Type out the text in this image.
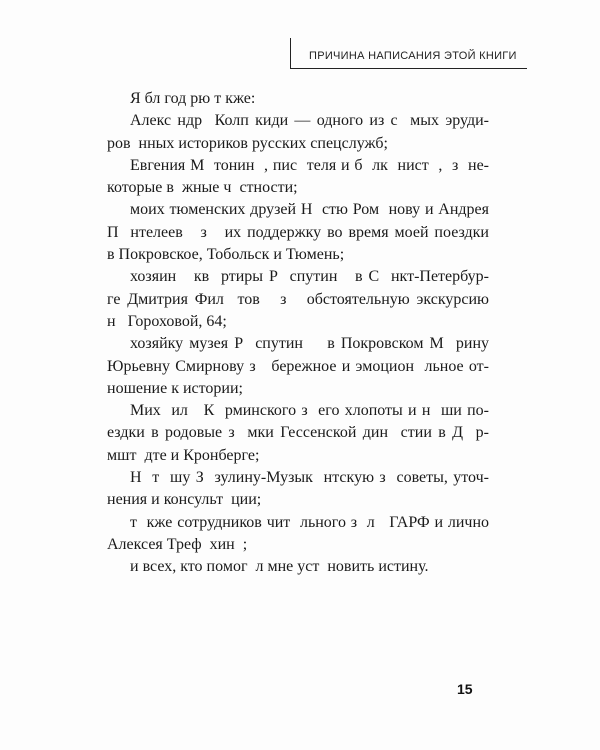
ПРИЧИНА НАПИСАНИЯ ЭТОЙ КНИГИ
Я бл год рю т кже:
Алекс ндр  Колп киди — одного из с  мых эруди-
ров  нных историков русских спецслужб;
Евгения М  тонин  , пис  теля и б  лк  нист  ,  з  не-
которые в  жные ч  стности;
моих тюменских друзей Н  стю Ром  нову и Андрея
П  нтелеев   з   их поддержку во время моей поездки
в Покровское, Тобольск и Тюмень;
хозяин   кв  ртиры Р  спутин   в С  нкт-Петербур-
ге Дмитрия Фил  тов   з   обстоятельную экскурсию
н   Гороховой, 64;
хозяйку музея Р  спутин    в Покровском М  рину
Юрьевну Смирнову з   бережное и эмоцион  льное от-
ношение к истории;
Мих  ил   К  рминского з  его хлопоты и н  ши по-
ездки в родовые з  мки Гессенской дин  стии в Д  р-
мшт  дте и Кронберге;
Н  т  шу З  зулину-Музык  нтскую з  советы, уточ-
нения и консульт  ции;
т  кже сотрудников чит  льного з  л   ГАРФ и лично
Алексея Треф  хин  ;
и всех, кто помог  л мне уст  новить истину.
15
